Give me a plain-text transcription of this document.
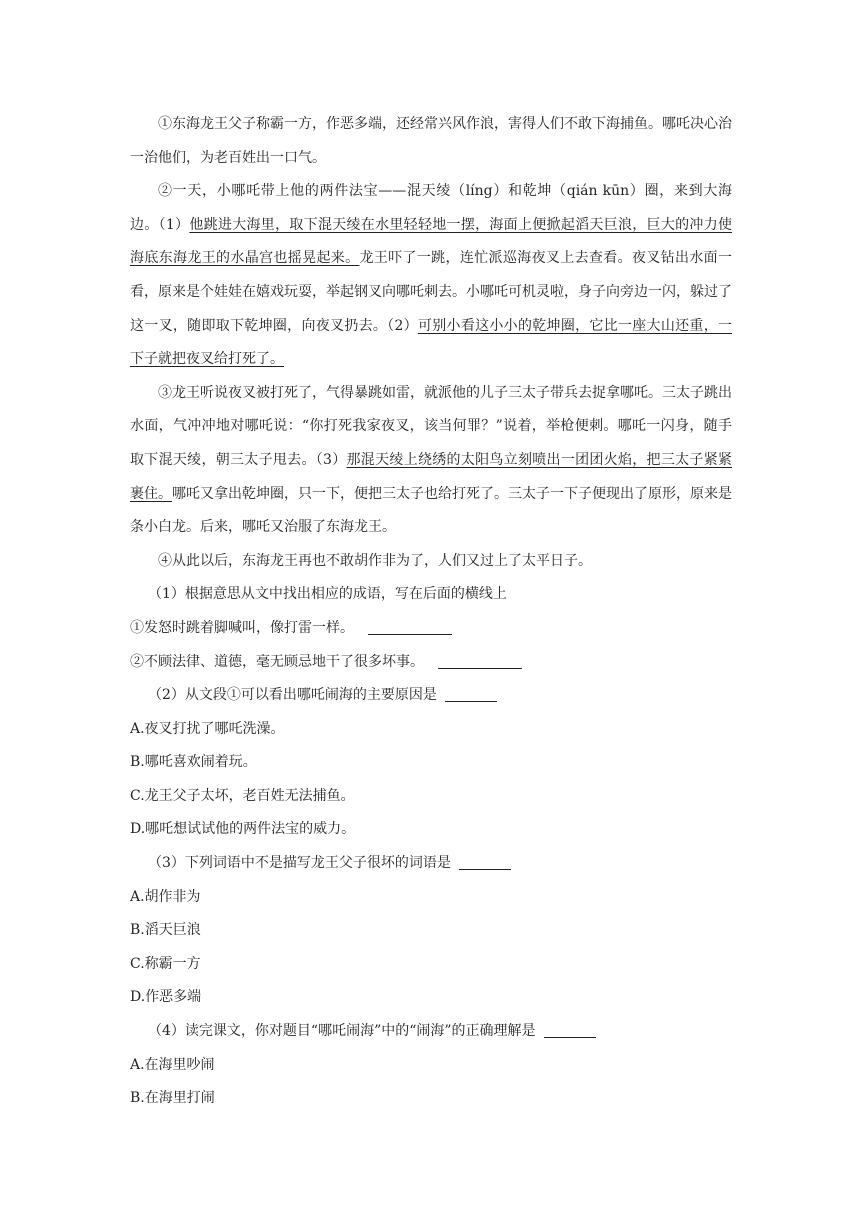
①东海龙王父子称霸一方，作恶多端，还经常兴风作浪，害得人们不敢下海捕鱼。哪吒决心治一治他们，为老百姓出一口气。

②一天，小哪吒带上他的两件法宝——混天绫（líng）和乾坤（qián kūn）圈，来到大海边。（1）他跳进大海里，取下混天绫在水里轻轻地一摆，海面上便掀起滔天巨浪，巨大的冲力使海底东海龙王的水晶宫也摇晃起来。龙王吓了一跳，连忙派巡海夜叉上去查看。夜叉钻出水面一看，原来是个娃娃在嬉戏玩耍，举起钢叉向哪吒刺去。小哪吒可机灵啦，身子向旁边一闪，躲过了这一叉，随即取下乾坤圈，向夜叉扔去。（2）可别小看这小小的乾坤圈，它比一座大山还重，一下子就把夜叉给打死了。

③龙王听说夜叉被打死了，气得暴跳如雷，就派他的儿子三太子带兵去捉拿哪吒。三太子跳出水面，气冲冲地对哪吒说：“你打死我家夜叉，该当何罪？”说着，举枪便刺。哪吒一闪身，随手取下混天绫，朝三太子甩去。（3）那混天绫上绕绣的太阳鸟立刻喷出一团团火焰，把三太子紧紧裹住。哪吒又拿出乾坤圈，只一下，便把三太子也给打死了。三太子一下子便现出了原形，原来是条小白龙。后来，哪吒又治服了东海龙王。

④从此以后，东海龙王再也不敢胡作非为了，人们又过上了太平日子。

（1）根据意思从文中找出相应的成语，写在后面的横线上
①发怒时跳着脚喊叫，像打雷一样。
②不顾法律、道德，毫无顾忌地干了很多坏事。
（2）从文段①可以看出哪吒闹海的主要原因是
A.夜叉打扰了哪吒洗澡。
B.哪吒喜欢闹着玩。
C.龙王父子太坏，老百姓无法捕鱼。
D.哪吒想试试他的两件法宝的威力。
（3）下列词语中不是描写龙王父子很坏的词语是
A.胡作非为
B.滔天巨浪
C.称霸一方
D.作恶多端
（4）读完课文，你对题目“哪吒闹海”中的“闹海”的正确理解是
A.在海里吵闹
B.在海里打闹
